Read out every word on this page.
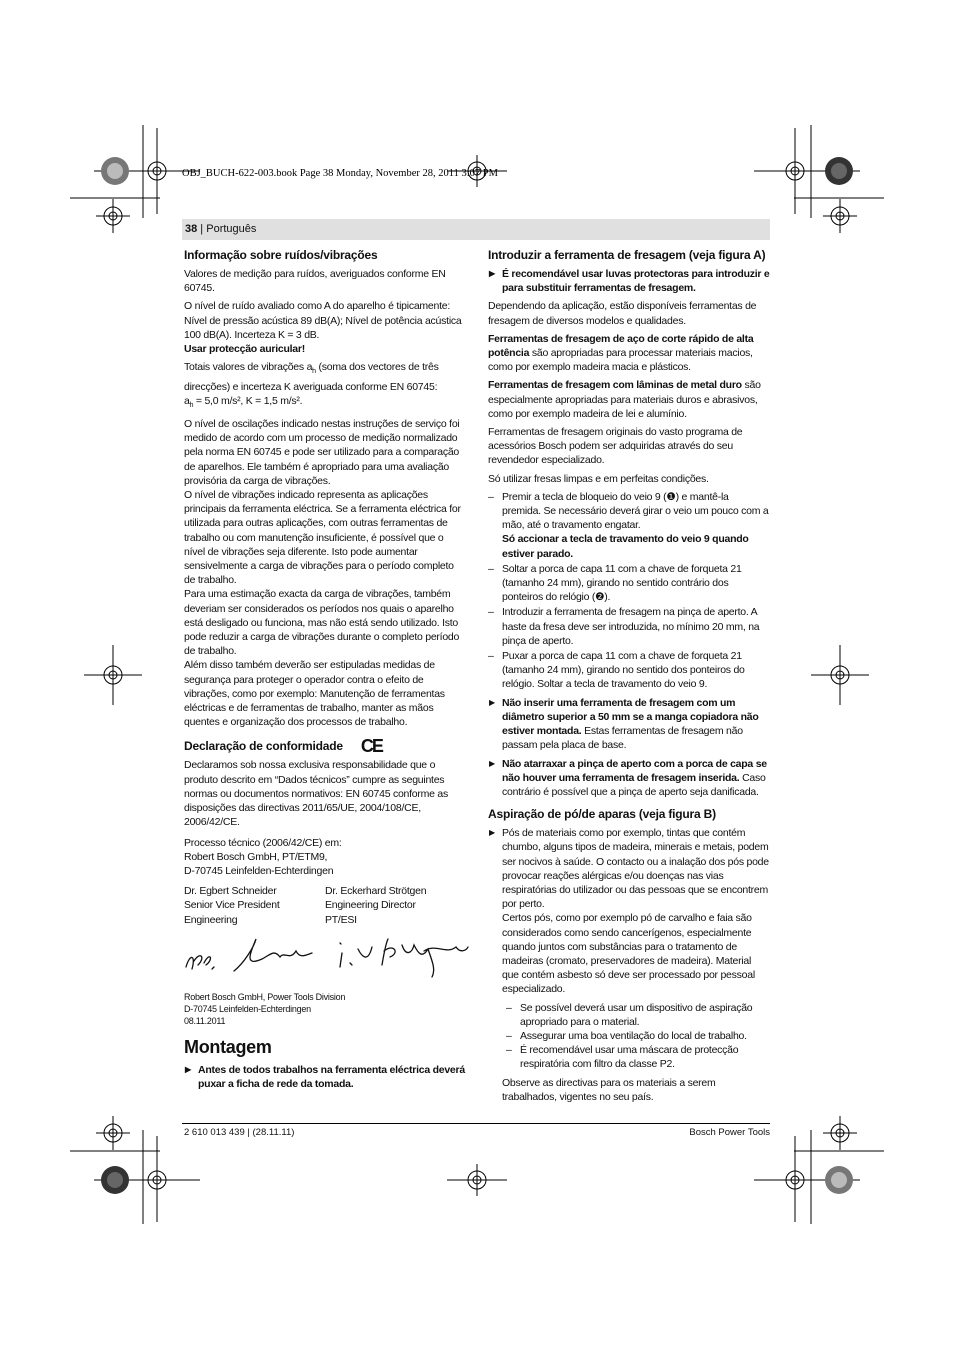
OBJ_BUCH-622-003.book Page 38 Monday, November 28, 2011 3:07 PM
38 | Português
Informação sobre ruídos/vibrações

Valores de medição para ruídos, averiguados conforme EN 60745.

O nível de ruído avaliado como A do aparelho é tipicamente: Nível de pressão acústica 89 dB(A); Nível de potência acústica 100 dB(A). Incerteza K = 3 dB.

Usar protecção auricular!

Totais valores de vibrações $a_h$ (soma dos vectores de três direcções) e incerteza K averiguada conforme EN 60745:
$a_h = 5,0$ m/s², K = 1,5 m/s².

O nível de oscilações indicado nestas instruções de serviço foi medido de acordo com um processo de medição normalizado pela norma EN 60745 e pode ser utilizado para a comparação de aparelhos. Ele também é apropriado para uma avaliação provisória da carga de vibrações.

O nível de vibrações indicado representa as aplicações principais da ferramenta eléctrica. Se a ferramenta eléctrica for utilizada para outras aplicações, com outras ferramentas de trabalho ou com manutenção insuficiente, é possível que o nível de vibrações seja diferente. Isto pode aumentar sensivelmente a carga de vibrações para o período completo de trabalho.

Para uma estimação exacta da carga de vibrações, também deveriam ser considerados os períodos nos quais o aparelho está desligado ou funciona, mas não está sendo utilizado. Isto pode reduzir a carga de vibrações durante o completo período de trabalho.

Além disso também deverão ser estipuladas medidas de segurança para proteger o operador contra o efeito de vibrações, como por exemplo: Manutenção de ferramentas eléctricas e de ferramentas de trabalho, manter as mãos quentes e organização dos processos de trabalho.

Declaração de conformidade CE

Declaramos sob nossa exclusiva responsabilidade que o produto descrito em “Dados técnicos” cumpre as seguintes normas ou documentos normativos: EN 60745 conforme as disposições das directivas 2011/65/UE, 2004/108/CE, 2006/42/CE.

Processo técnico (2006/42/CE) em:
Robert Bosch GmbH, PT/ETM9,
D-70745 Leinfelden-Echterdingen

Dr. Egbert Schneider
Senior Vice President
Engineering
Dr. Eckerhard Strötgen
Engineering Director
PT/ESI

Robert Bosch GmbH, Power Tools Division
D-70745 Leinfelden-Echterdingen
08.11.2011

Montagem

▶ Antes de todos trabalhos na ferramenta eléctrica deverá puxar a ficha de rede da tomada.

Introduzir a ferramenta de fresagem (veja figura A)

▶ É recomendável usar luvas protectoras para introduzir e para substituir ferramentas de fresagem.

Dependendo da aplicação, estão disponíveis ferramentas de fresagem de diversos modelos e qualidades.

Ferramentas de fresagem de aço de corte rápido de alta potência são apropriadas para processar materiais macios, como por exemplo madeira macia e plásticos.

Ferramentas de fresagem com lâminas de metal duro são especialmente apropriadas para materiais duros e abrasivos, como por exemplo madeira de lei e alumínio.

Ferramentas de fresagem originais do vasto programa de acessórios Bosch podem ser adquiridas através do seu revendedor especializado.

Só utilizar fresas limpas e em perfeitas condições.

– Premir a tecla de bloqueio do veio 9 (❶) e mantê-la premida. Se necessário deverá girar o veio um pouco com a mão, até o travamento engatar.
Só accionar a tecla de travamento do veio 9 quando estiver parado.
– Soltar a porca de capa 11 com a chave de forqueta 21 (tamanho 24 mm), girando no sentido contrário dos ponteiros do relógio (❷).
– Introduzir a ferramenta de fresagem na pinça de aperto. A haste da fresa deve ser introduzida, no mínimo 20 mm, na pinça de aperto.
– Puxar a porca de capa 11 com a chave de forqueta 21 (tamanho 24 mm), girando no sentido dos ponteiros do relógio. Soltar a tecla de travamento do veio 9.

▶ Não inserir uma ferramenta de fresagem com um diâmetro superior a 50 mm se a manga copiadora não estiver montada. Estas ferramentas de fresagem não passam pela placa de base.

▶ Não atarraxar a pinça de aperto com a porca de capa se não houver uma ferramenta de fresagem inserida. Caso contrário é possível que a pinça de aperto seja danificada.

Aspiração de pó/de aparas (veja figura B)
▶ Pós de materiais como por exemplo, tintas que contém chumbo, alguns tipos de madeira, minerais e metais, podem ser nocivos à saúde. O contacto ou a inalação dos pós pode provocar reações alérgicas e/ou doenças nas vias respiratórias do utilizador ou das pessoas que se encontrem por perto.
Certos pós, como por exemplo pó de carvalho e faia são considerados como sendo cancerígenos, especialmente quando juntos com substâncias para o tratamento de madeiras (cromato, preservadores de madeira). Material que contém asbesto só deve ser processado por pessoal especializado.
– Se possível deverá usar um dispositivo de aspiração apropriado para o material.
– Assegurar uma boa ventilação do local de trabalho.
– É recomendável usar uma máscara de protecção respiratória com filtro da classe P2.

Observe as directivas para os materiais a serem trabalhados, vigentes no seu país.

2 610 013 439 | (28.11.11)	Bosch Power Tools
